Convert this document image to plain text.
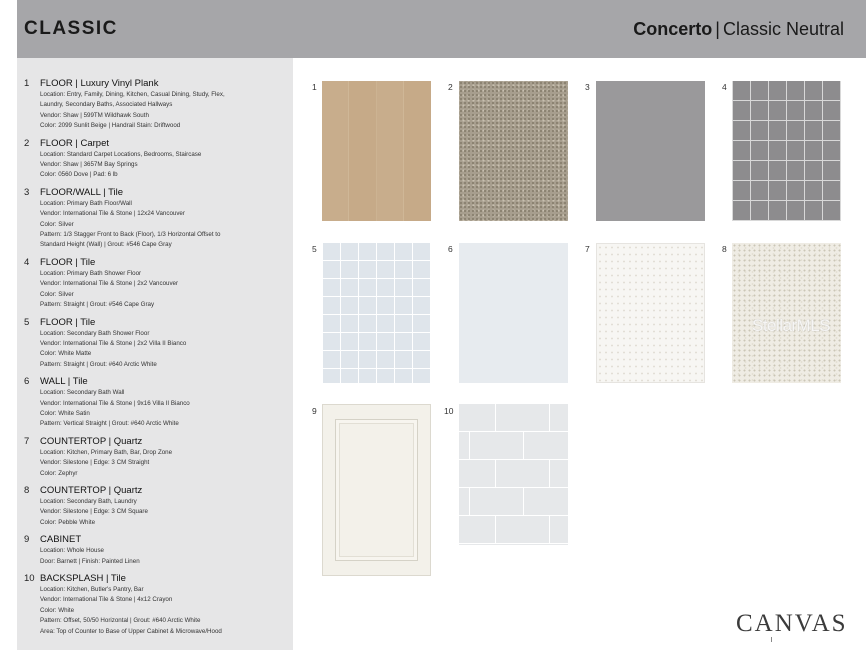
CLASSIC	Concerto | Classic Neutral
1	FLOOR | Luxury Vinyl Plank
Location: Entry, Family, Dining, Kitchen, Casual Dining, Study, Flex,
Laundry, Secondary Baths, Associated Hallways
Vendor: Shaw | 599TM Wildhawk South
Color: 2099 Sunlit Beige | Handrail Stain: Driftwood
2	FLOOR | Carpet
Location: Standard Carpet Locations, Bedrooms, Staircase
Vendor: Shaw | 3657M Bay Springs
Color: 0560 Dove | Pad: 6 lb
3	FLOOR/WALL | Tile
Location: Primary Bath Floor/Wall
Vendor: International Tile & Stone | 12x24 Vancouver
Color: Silver
Pattern: 1/3 Stagger Front to Back (Floor), 1/3 Horizontal Offset to
Standard Height (Wall) | Grout: #546 Cape Gray
4	FLOOR | Tile
Location: Primary Bath Shower Floor
Vendor: International Tile & Stone | 2x2 Vancouver
Color: Silver
Pattern: Straight | Grout: #546 Cape Gray
5	FLOOR | Tile
Location: Secondary Bath Shower Floor
Vendor: International Tile & Stone | 2x2 Villa II Bianco
Color: White Matte
Pattern: Straight | Grout: #640 Arctic White
6	WALL | Tile
Location: Secondary Bath Wall
Vendor: International Tile & Stone | 9x16 Villa II Bianco
Color: White Satin
Pattern: Vertical Straight | Grout: #640 Arctic White
7	COUNTERTOP | Quartz
Location: Kitchen, Primary Bath, Bar, Drop Zone
Vendor: Silestone | Edge: 3 CM Straight
Color: Zephyr
8	COUNTERTOP | Quartz
Location: Secondary Bath, Laundry
Vendor: Silestone | Edge: 3 CM Square
Color: Pebble White
9	CABINET
Location: Whole House
Door: Barnett | Finish: Painted Linen
10 BACKSPLASH | Tile
Location: Kitchen, Butler's Pantry, Bar
Vendor: International Tile & Stone | 4x12 Crayon
Color: White
Pattern: Offset, 50/50 Horizontal | Grout: #640 Arctic White
Area: Top of Counter to Base of Upper Cabinet & Microwave/Hood
1	2	3	4
5	6	7	8
9	10
StellarMLS
CANVAS
